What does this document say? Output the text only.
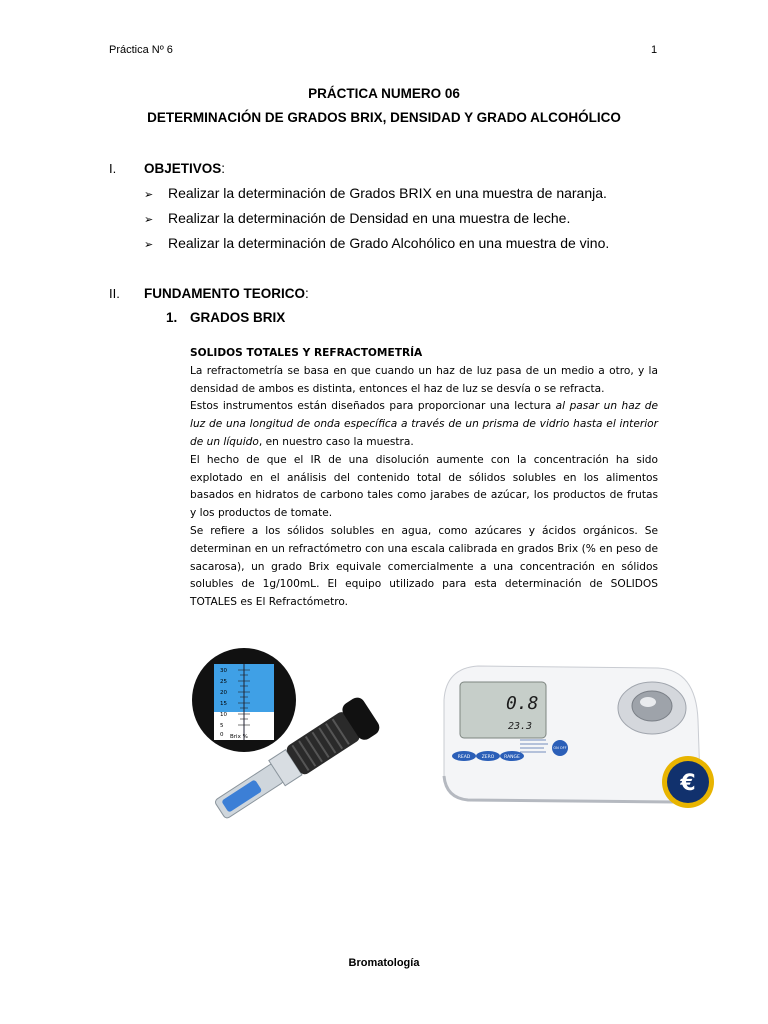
Práctica Nº 6	1
PRÁCTICA NUMERO 06
DETERMINACIÓN DE GRADOS BRIX, DENSIDAD Y GRADO ALCOHÓLICO
I. OBJETIVOS:
➢ Realizar la determinación de Grados BRIX en una muestra de naranja.
➢ Realizar la determinación de Densidad en una muestra de leche.
➢ Realizar la determinación de Grado Alcohólico en una muestra de vino.
II. FUNDAMENTO TEORICO:
1. GRADOS BRIX

SOLIDOS TOTALES Y REFRACTOMETRÍA

La refractometría se basa en que cuando un haz de luz pasa de un medio a otro, y la densidad de ambos es distinta, entonces el haz de luz se desvía o se refracta.

Estos instrumentos están diseñados para proporcionar una lectura al pasar un haz de luz de una longitud de onda específica a través de un prisma de vidrio hasta el interior de un líquido, en nuestro caso la muestra.

El hecho de que el IR de una disolución aumente con la concentración ha sido explotado en el análisis del contenido total de sólidos solubles en los alimentos basados en hidratos de carbono tales como jarabes de azúcar, los productos de frutas y los productos de tomate.

Se refiere a los sólidos solubles en agua, como azúcares y ácidos orgánicos. Se determinan en un refractómetro con una escala calibrada en grados Brix (% en peso de sacarosa), un grado Brix equivale comercialmente a una concentración en sólidos solubles de 1g/100mL. El equipo utilizado para esta determinación de SOLIDOS TOTALES es El Refractómetro.

30
25
20
15
10
5
0 Brix %
0.8
23.3
READ	ZERO RANGE
ON OFF
€
Bromatología
